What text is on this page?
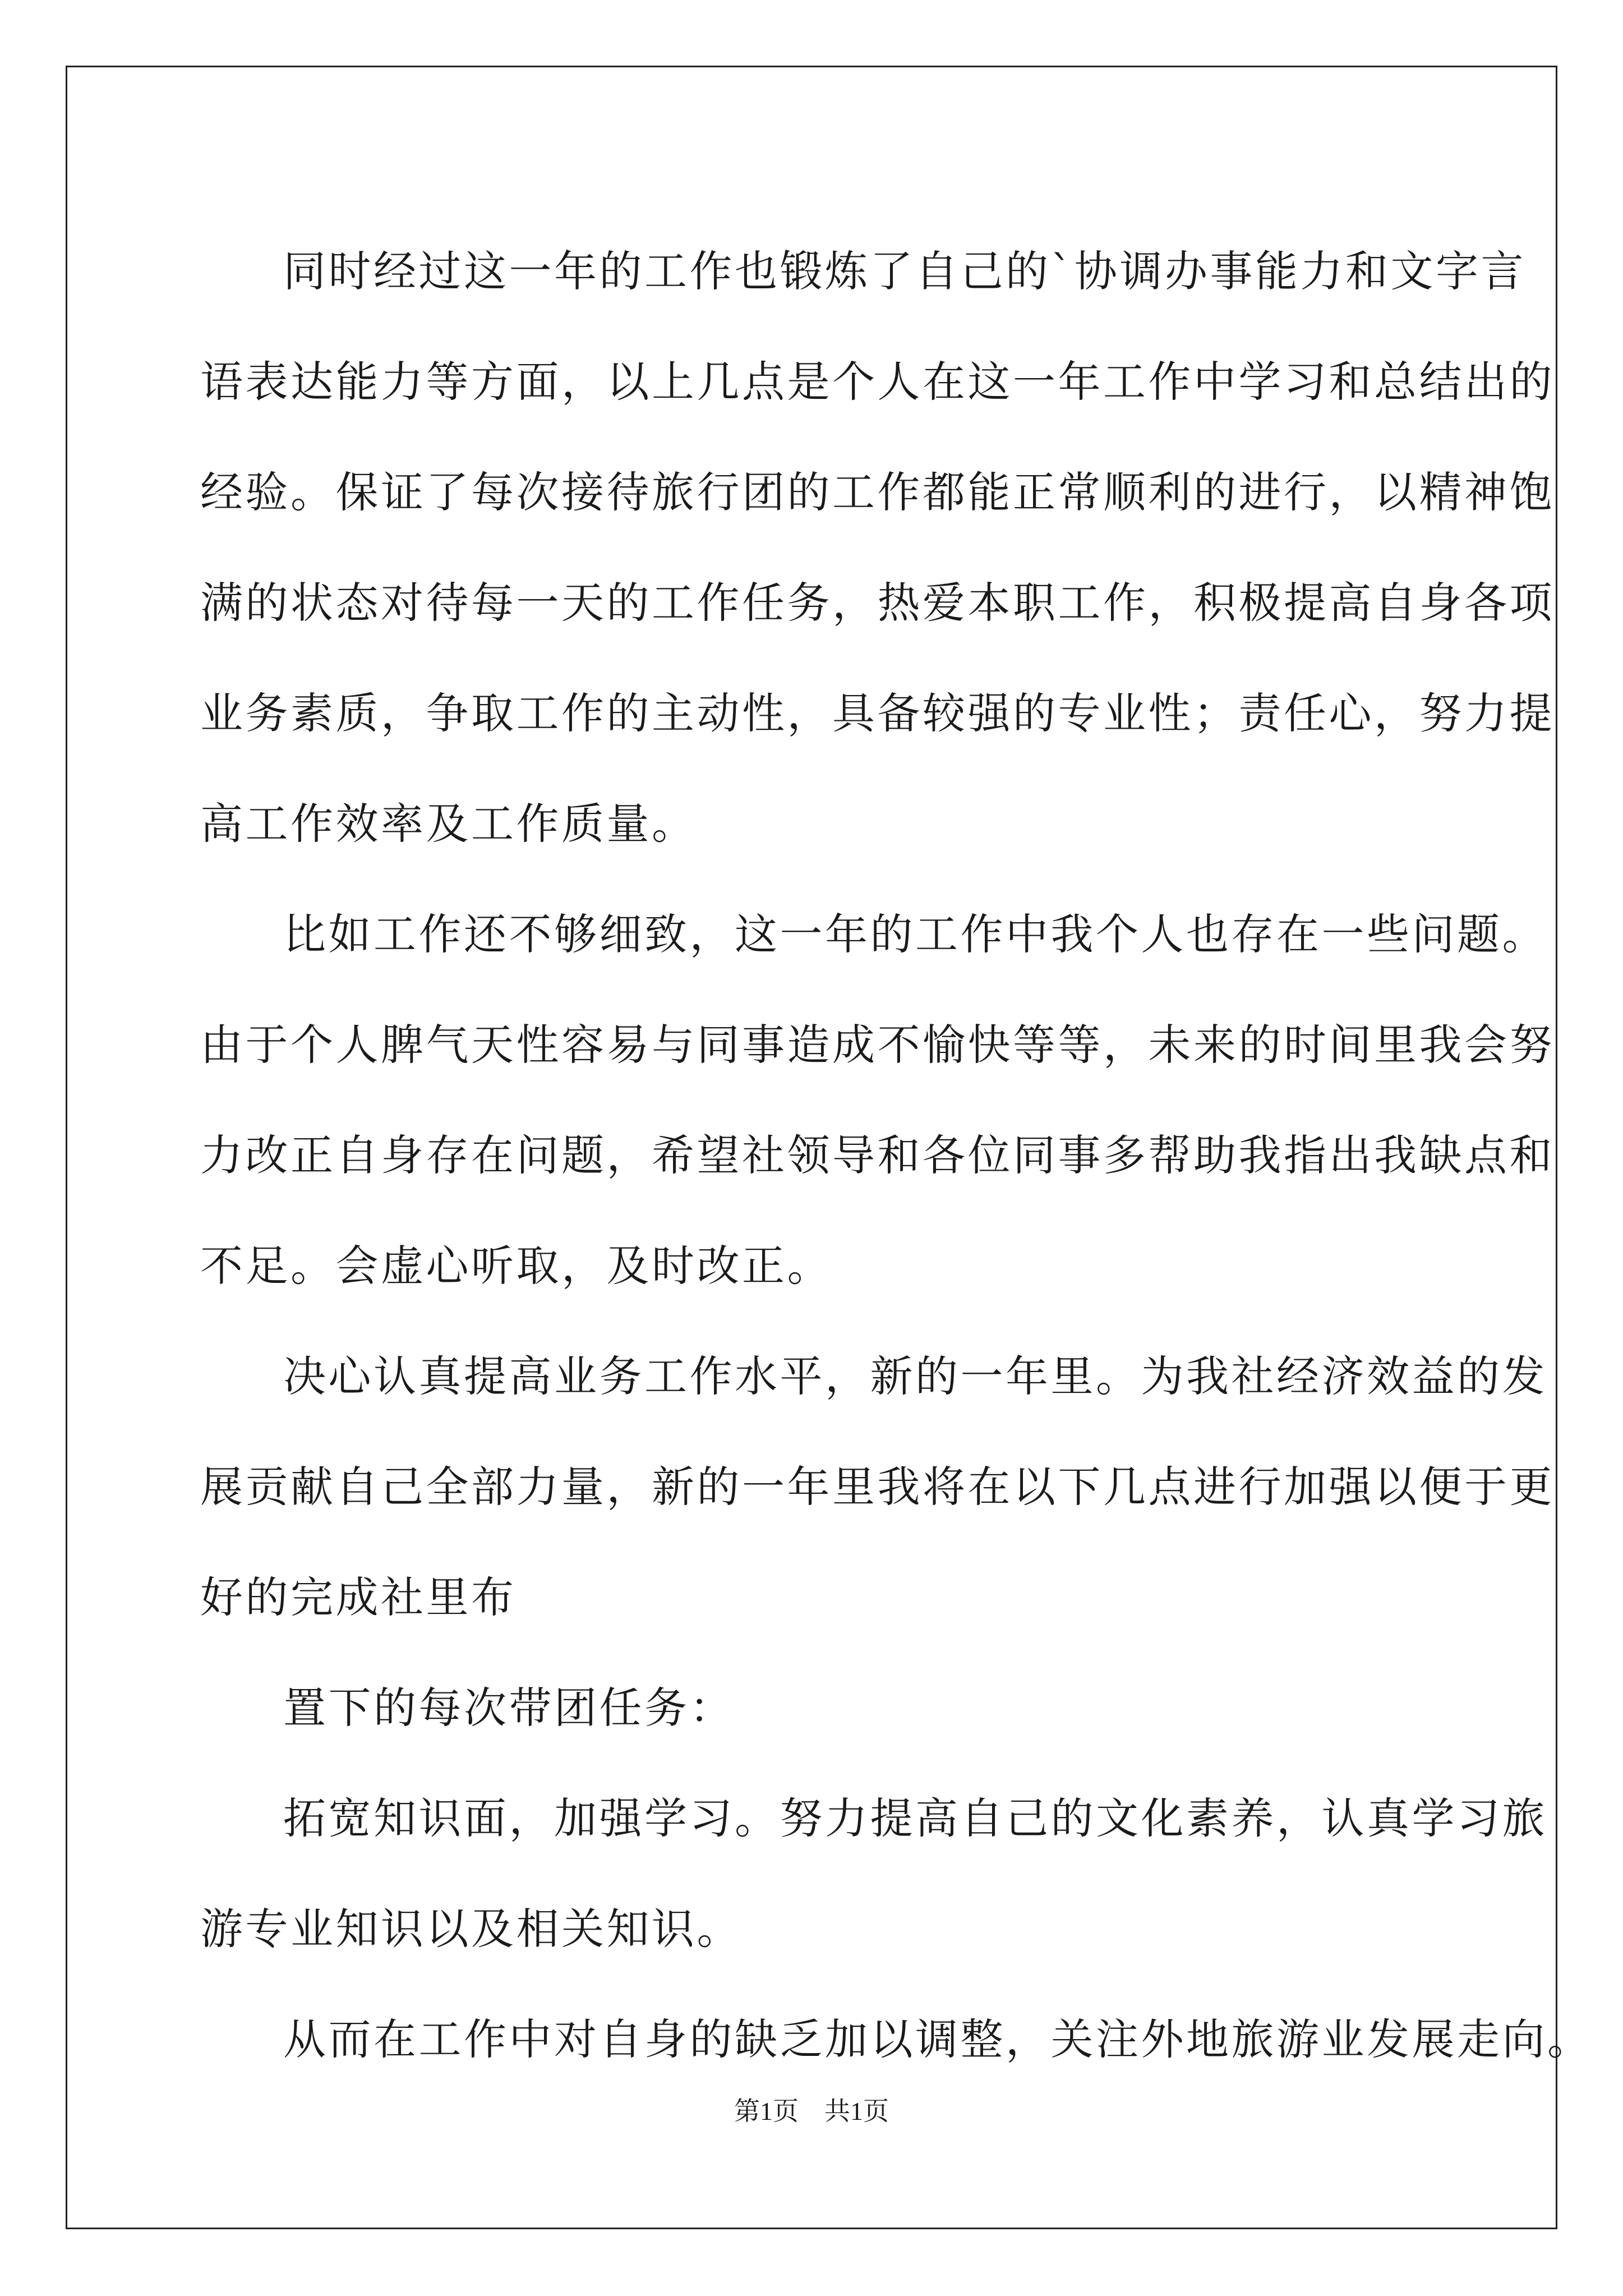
同时经过这一年的工作也锻炼了自己的`协调办事能力和文字言
语表达能力等方面，以上几点是个人在这一年工作中学习和总结出的
经验。保证了每次接待旅行团的工作都能正常顺利的进行，以精神饱
满的状态对待每一天的工作任务，热爱本职工作，积极提高自身各项
业务素质，争取工作的主动性，具备较强的专业性；责任心，努力提
高工作效率及工作质量。
比如工作还不够细致，这一年的工作中我个人也存在一些问题。
由于个人脾气天性容易与同事造成不愉快等等，未来的时间里我会努
力改正自身存在问题，希望社领导和各位同事多帮助我指出我缺点和
不足。会虚心听取，及时改正。
决心认真提高业务工作水平，新的一年里。为我社经济效益的发
展贡献自己全部力量，新的一年里我将在以下几点进行加强以便于更
好的完成社里布
置下的每次带团任务：
拓宽知识面，加强学习。努力提高自己的文化素养，认真学习旅
游专业知识以及相关知识。
从而在工作中对自身的缺乏加以调整，关注外地旅游业发展走向。
第1页 共1页
